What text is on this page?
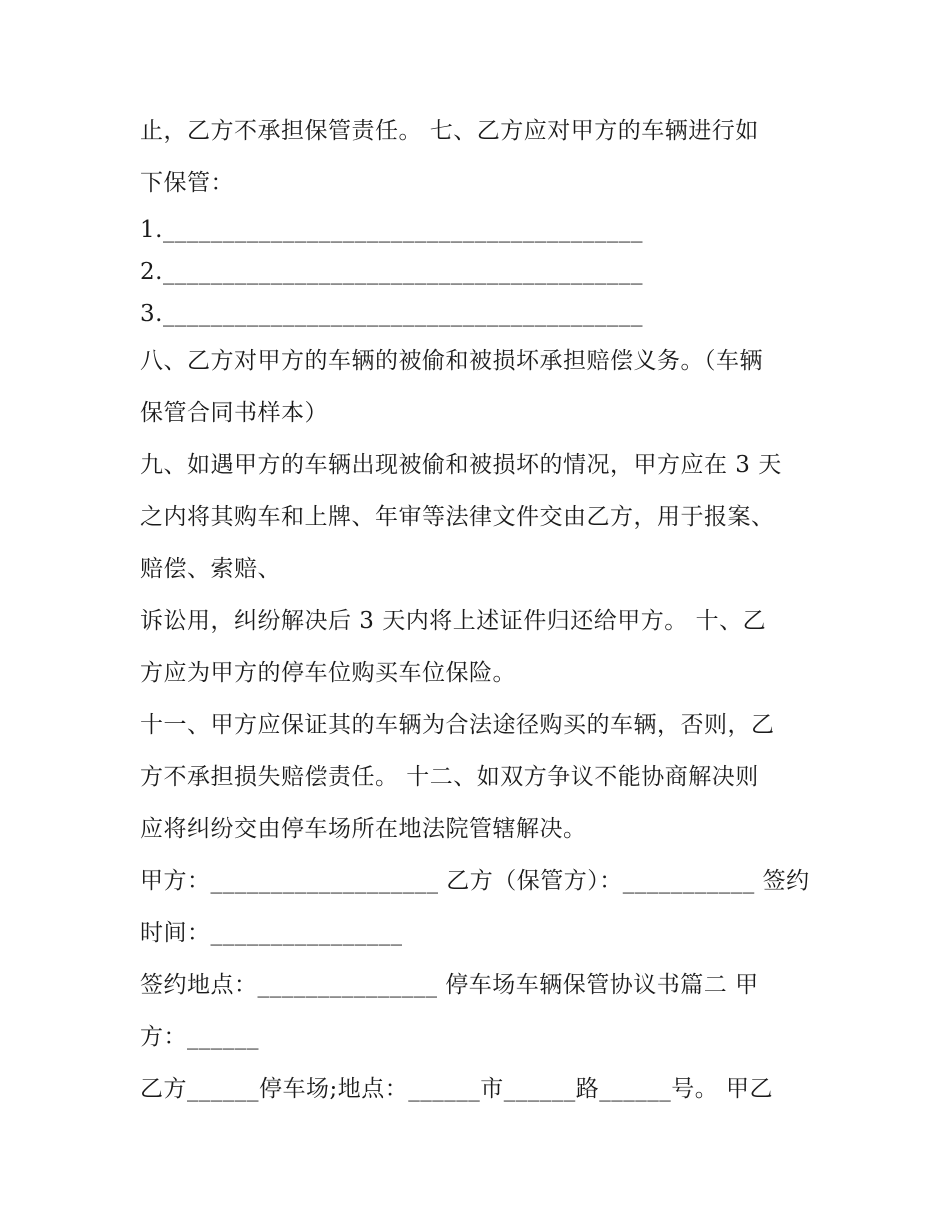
止，乙方不承担保管责任。 七、乙方应对甲方的车辆进行如
下保管：
1.________________________________________
2.________________________________________
3.________________________________________
八、乙方对甲方的车辆的被偷和被损坏承担赔偿义务。（车辆
保管合同书样本）
九、如遇甲方的车辆出现被偷和被损坏的情况，甲方应在 3 天
之内将其购车和上牌、年审等法律文件交由乙方，用于报案、
赔偿、索赔、
诉讼用，纠纷解决后 3 天内将上述证件归还给甲方。 十、乙
方应为甲方的停车位购买车位保险。
十一、甲方应保证其的车辆为合法途径购买的车辆，否则，乙
方不承担损失赔偿责任。 十二、如双方争议不能协商解决则
应将纠纷交由停车场所在地法院管辖解决。
甲方：___________________ 乙方（保管方）：___________ 签约
时间：________________
签约地点：_______________ 停车场车辆保管协议书篇二 甲
方：______
乙方______停车场;地点：______市______路______号。 甲乙
